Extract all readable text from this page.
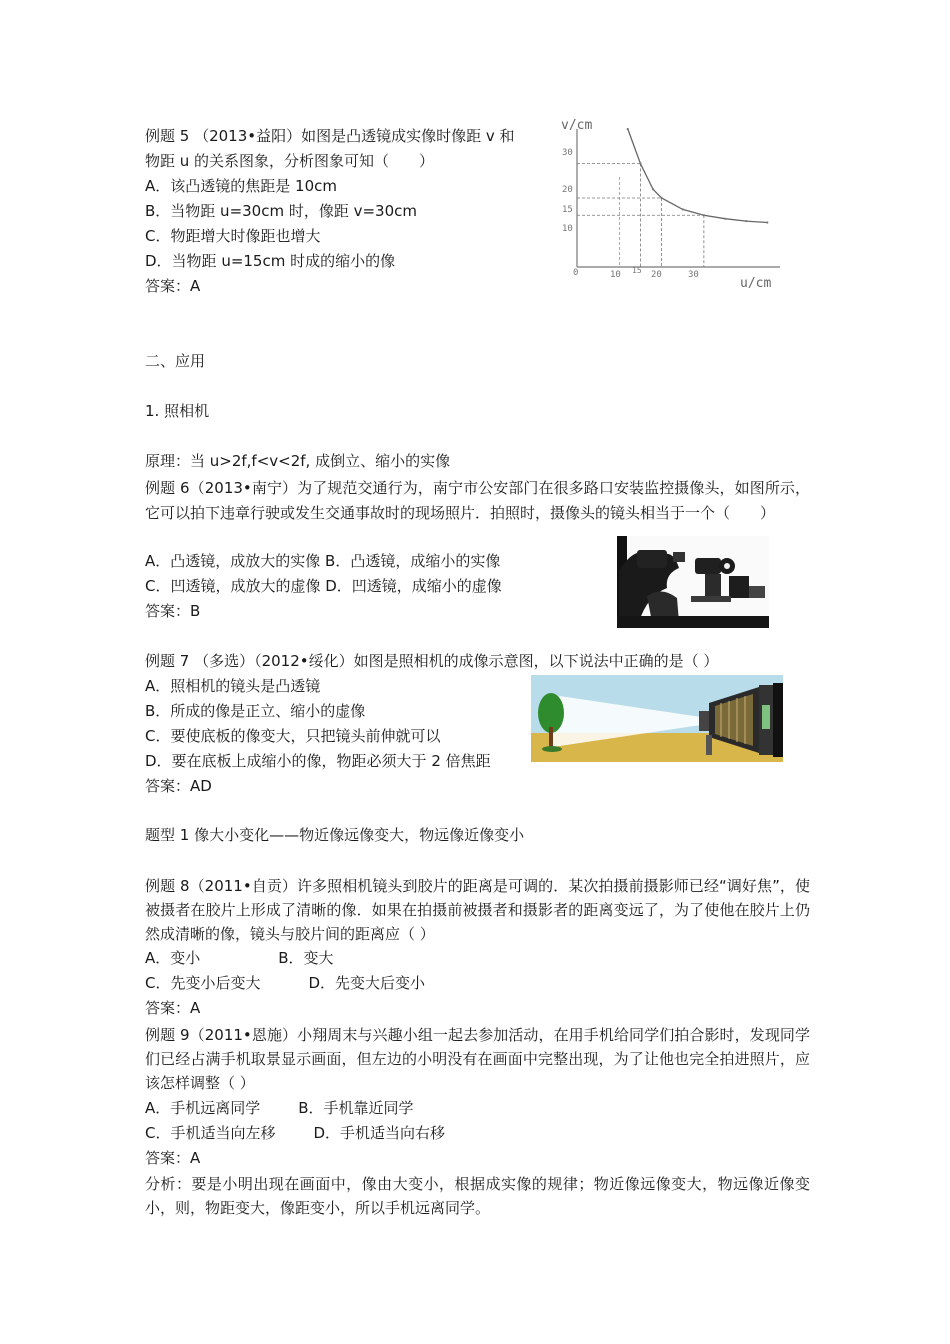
例题 5 （2013•益阳）如图是凸透镜成实像时像距 v 和
物距 u 的关系图象，分析图象可知（　　）
A．该凸透镜的焦距是 10cm
B．当物距 u=30cm 时，像距 v=30cm
C．物距增大时像距也增大
D．当物距 u=15cm 时成的缩小的像
答案：A
v/cm
u/cm
0	10 15 20	30
10
15
20
30
二、应用
1. 照相机
原理：当 u>2f,f<v<2f, 成倒立、缩小的实像
例题 6（2013•南宁）为了规范交通行为，南宁市公安部门在很多路口安装监控摄像头，如图所示，它可以拍下违章行驶或发生交通事故时的现场照片．拍照时，摄像头的镜头相当于一个（　　）
A．凸透镜，成放大的实像 B．凸透镜，成缩小的实像
C．凹透镜，成放大的虚像 D．凹透镜，成缩小的虚像
答案：B
例题 7 （多选）（2012•绥化）如图是照相机的成像示意图，以下说法中正确的是（ ）
A．照相机的镜头是凸透镜
B．所成的像是正立、缩小的虚像
C．要使底板的像变大，只把镜头前伸就可以
D．要在底板上成缩小的像，物距必须大于 2 倍焦距
答案：AD
题型 1 像大小变化——物近像远像变大，物远像近像变小
例题 8（2011•自贡）许多照相机镜头到胶片的距离是可调的．某次拍摄前摄影师已经“调好焦”，使被摄者在胶片上形成了清晰的像．如果在拍摄前被摄者和摄影者的距离变远了，为了使他在胶片上仍然成清晰的像，镜头与胶片间的距离应（ ）
A．变小	B．变大
C．先变小后变大	D．先变大后变小
答案：A
例题 9（2011•恩施）小翔周末与兴趣小组一起去参加活动，在用手机给同学们拍合影时，发现同学们已经占满手机取景显示画面，但左边的小明没有在画面中完整出现，为了让他也完全拍进照片，应该怎样调整（ ）
A．手机远离同学	B．手机靠近同学
C．手机适当向左移	D．手机适当向右移
答案：A
分析：要是小明出现在画面中，像由大变小，根据成实像的规律；物近像远像变大，物远像近像变小，则，物距变大，像距变小，所以手机远离同学。
